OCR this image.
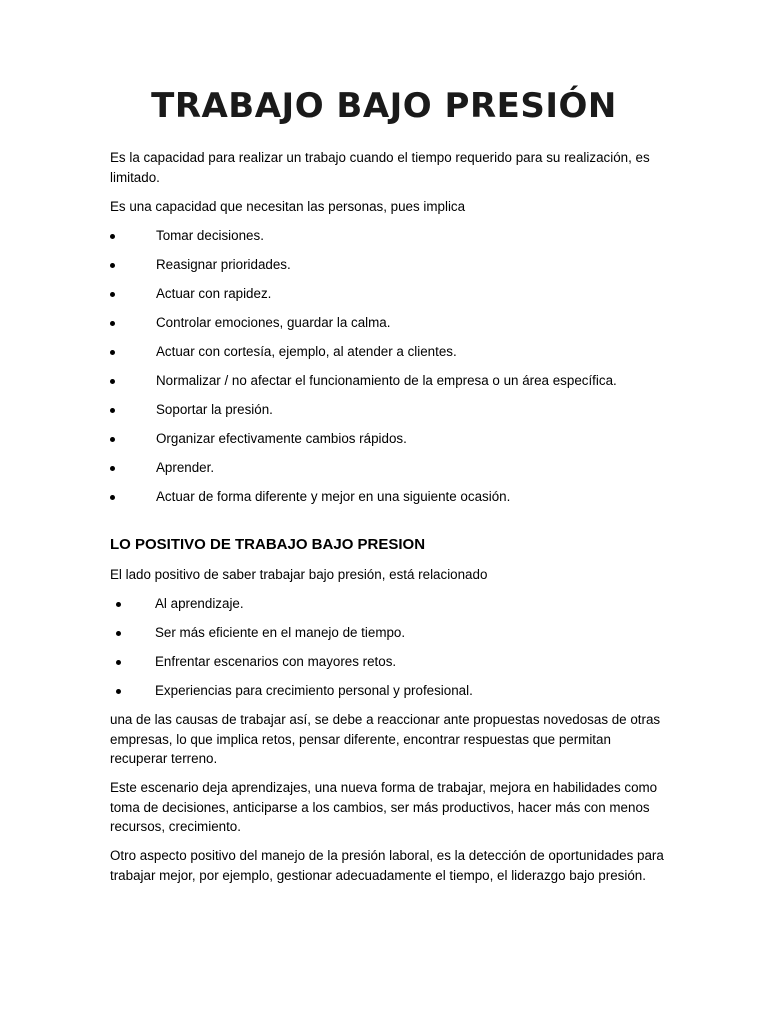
TRABAJO BAJO PRESIÓN

Es la capacidad para realizar un trabajo cuando el tiempo requerido para su realización, es limitado.

Es una capacidad que necesitan las personas, pues implica

Tomar decisiones.
Reasignar prioridades.
Actuar con rapidez.
Controlar emociones, guardar la calma.
Actuar con cortesía, ejemplo, al atender a clientes.
Normalizar / no afectar el funcionamiento de la empresa o un área específica.
Soportar la presión.
Organizar efectivamente cambios rápidos.
Aprender.
Actuar de forma diferente y mejor en una siguiente ocasión.
LO POSITIVO DE TRABAJO BAJO PRESION

El lado positivo de saber trabajar bajo presión, está relacionado

Al aprendizaje.
Ser más eficiente en el manejo de tiempo.
Enfrentar escenarios con mayores retos.
Experiencias para crecimiento personal y profesional.

una de las causas de trabajar así, se debe a reaccionar ante propuestas novedosas de otras empresas, lo que implica retos, pensar diferente, encontrar respuestas que permitan recuperar terreno.

Este escenario deja aprendizajes, una nueva forma de trabajar, mejora en habilidades como toma de decisiones, anticiparse a los cambios, ser más productivos, hacer más con menos recursos, crecimiento.

Otro aspecto positivo del manejo de la presión laboral, es la detección de oportunidades para trabajar mejor, por ejemplo, gestionar adecuadamente el tiempo, el liderazgo bajo presión.
